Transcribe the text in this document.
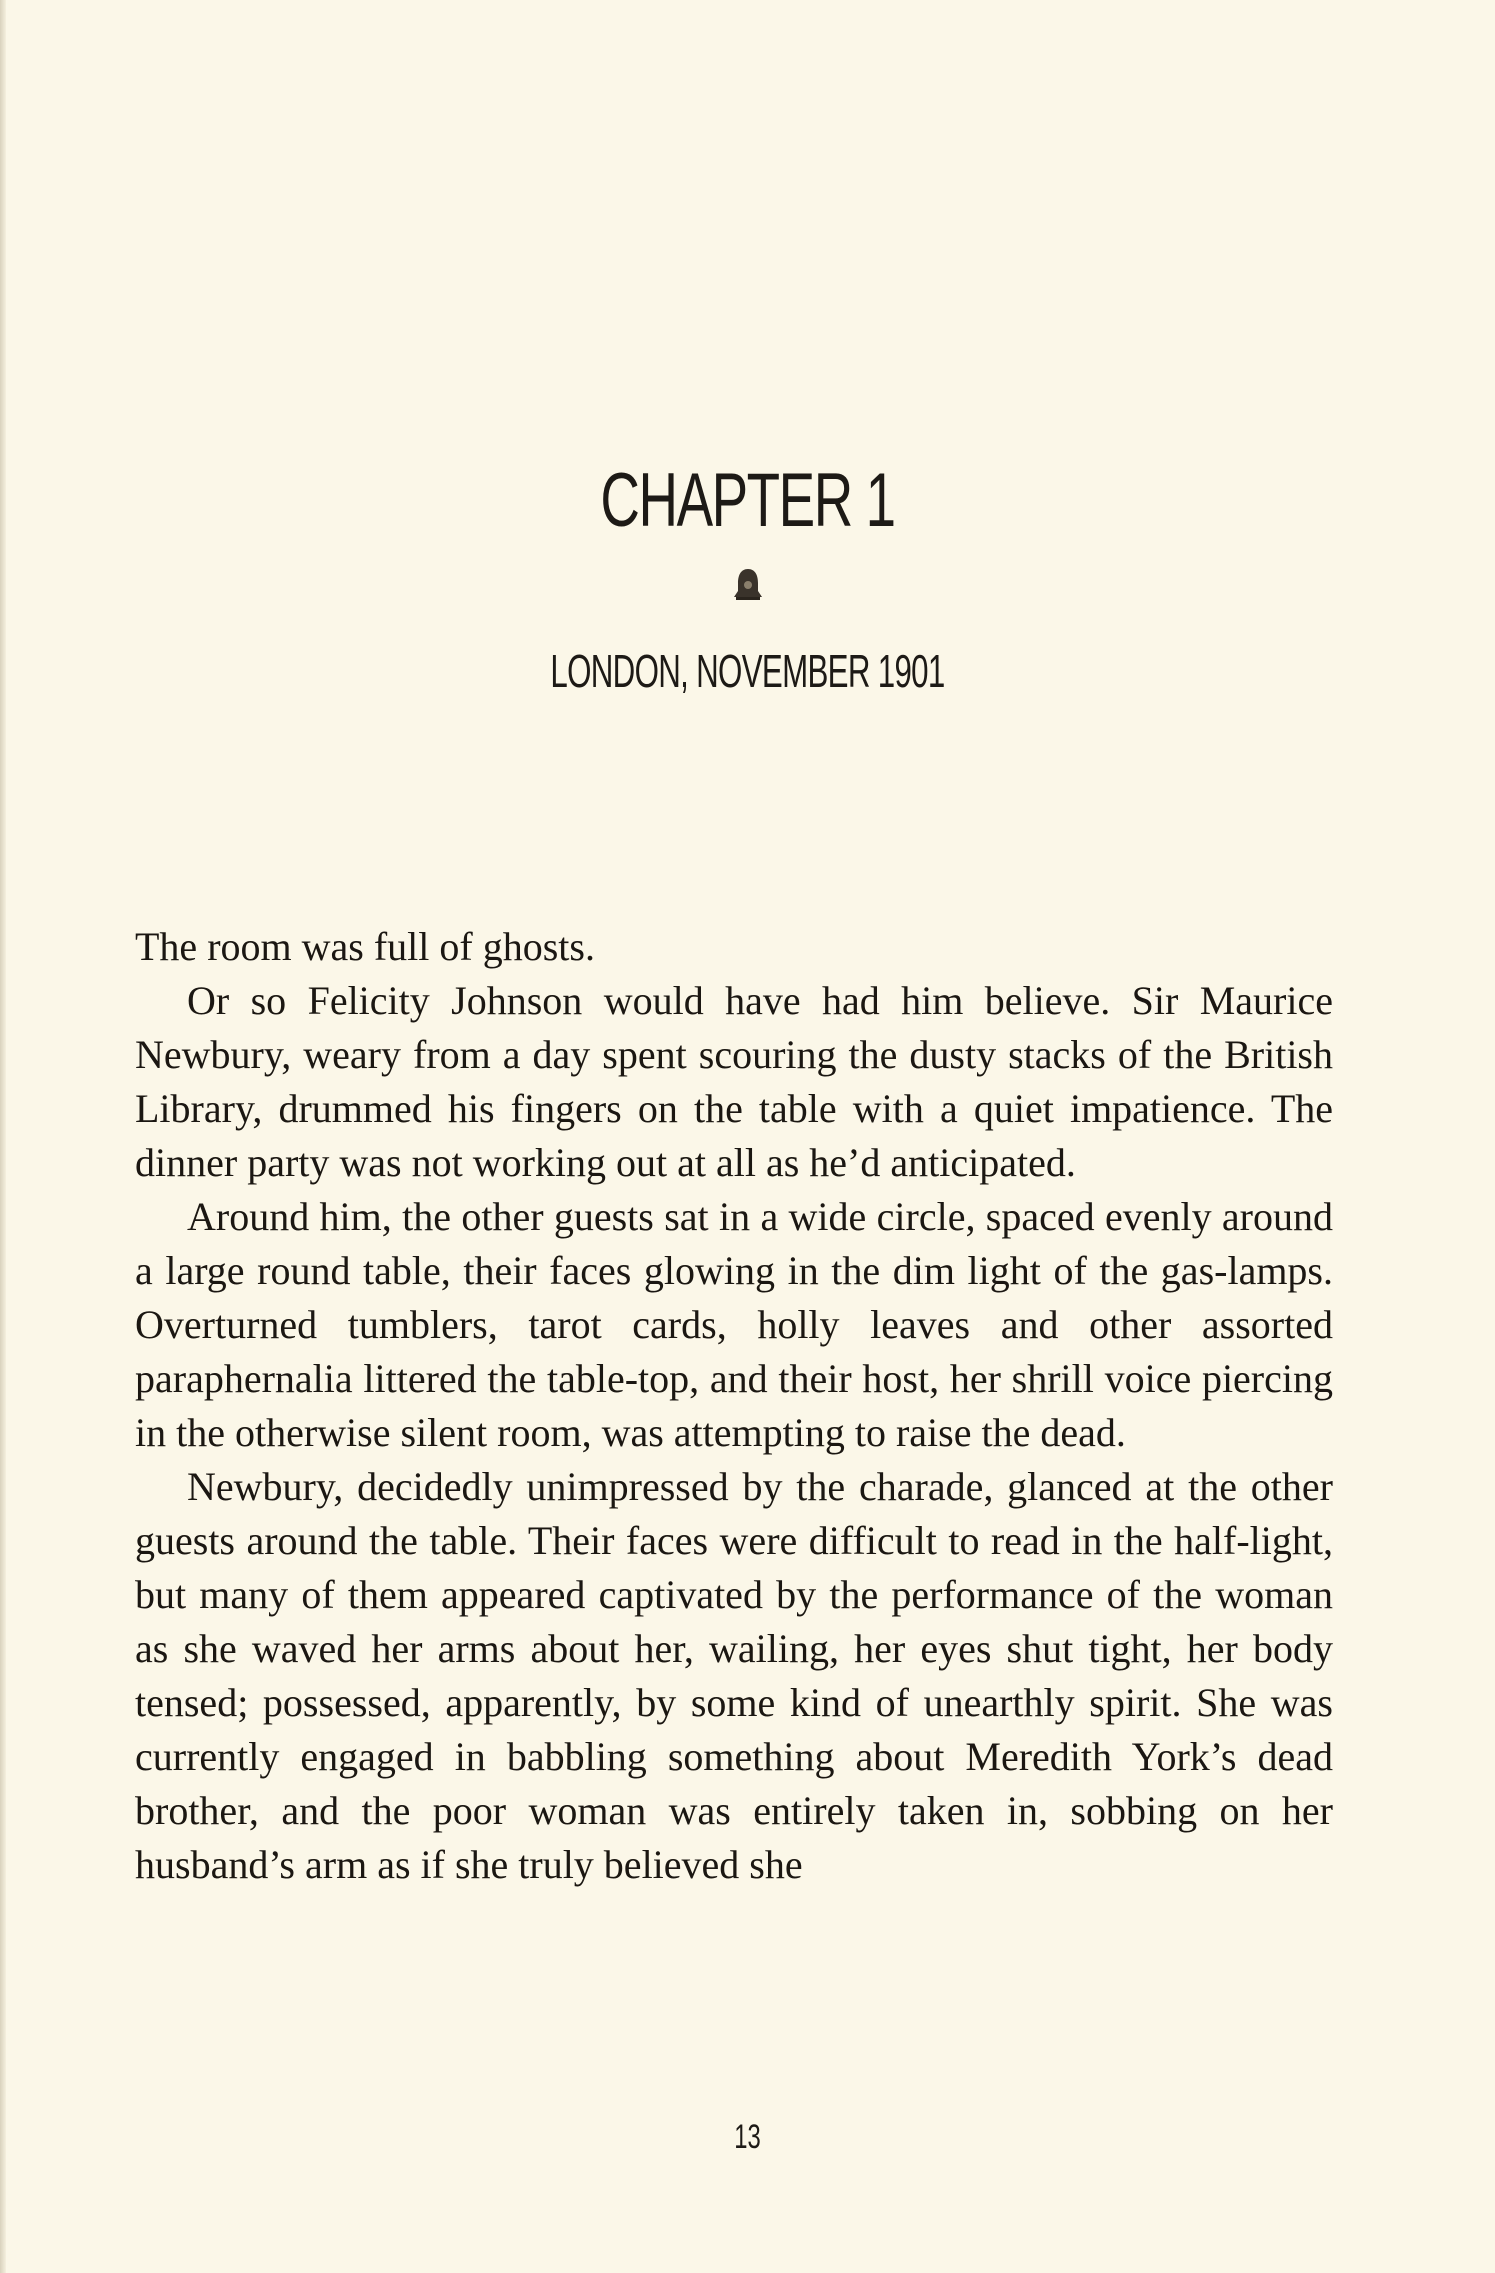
CHAPTER 1

LONDON, NOVEMBER 1901

The room was full of ghosts.

Or so Felicity Johnson would have had him believe. Sir Maurice Newbury, weary from a day spent scouring the dusty stacks of the British Library, drummed his fingers on the table with a quiet impatience. The dinner party was not working out at all as he’d anticipated.

Around him, the other guests sat in a wide circle, spaced evenly around a large round table, their faces glowing in the dim light of the gas-lamps. Overturned tumblers, tarot cards, holly leaves and other assorted paraphernalia littered the table-top, and their host, her shrill voice piercing in the otherwise silent room, was attempting to raise the dead.

Newbury, decidedly unimpressed by the charade, glanced at the other guests around the table. Their faces were difficult to read in the half-light, but many of them appeared captivated by the performance of the woman as she waved her arms about her, wailing, her eyes shut tight, her body tensed; possessed, apparently, by some kind of unearthly spirit. She was currently engaged in babbling something about Meredith York’s dead brother, and the poor woman was entirely taken in, sobbing on her husband’s arm as if she truly believed she

13
